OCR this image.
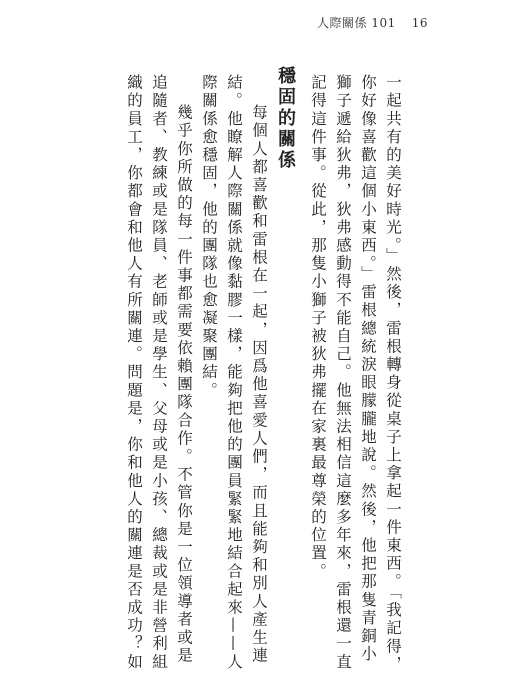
人際關係 101 16
一起共有的美好時光。」然後，雷根轉身從桌子上拿起一件東西。「我記得，
你好像喜歡這個小東西。」雷根總統淚眼朦朧地說。然後，他把那隻青銅小
獅子遞給狄弗，狄弗感動得不能自己。他無法相信這麼多年來，雷根還一直
記得這件事。從此，那隻小獅子被狄弗擺在家裏最尊榮的位置。
穩固的關係
每個人都喜歡和雷根在一起，因爲他喜愛人們，而且能夠和別人產生連
結。他瞭解人際關係就像黏膠一樣，能夠把他的團員緊緊地結合起來——人
際關係愈穩固，他的團隊也愈凝聚團結。
幾乎你所做的每一件事都需要依賴團隊合作。不管你是一位領導者或是
追隨者、教練或是隊員、老師或是學生、父母或是小孩、總裁或是非營利組
織的員工，你都會和他人有所關連。問題是，你和他人的關連是否成功？如
